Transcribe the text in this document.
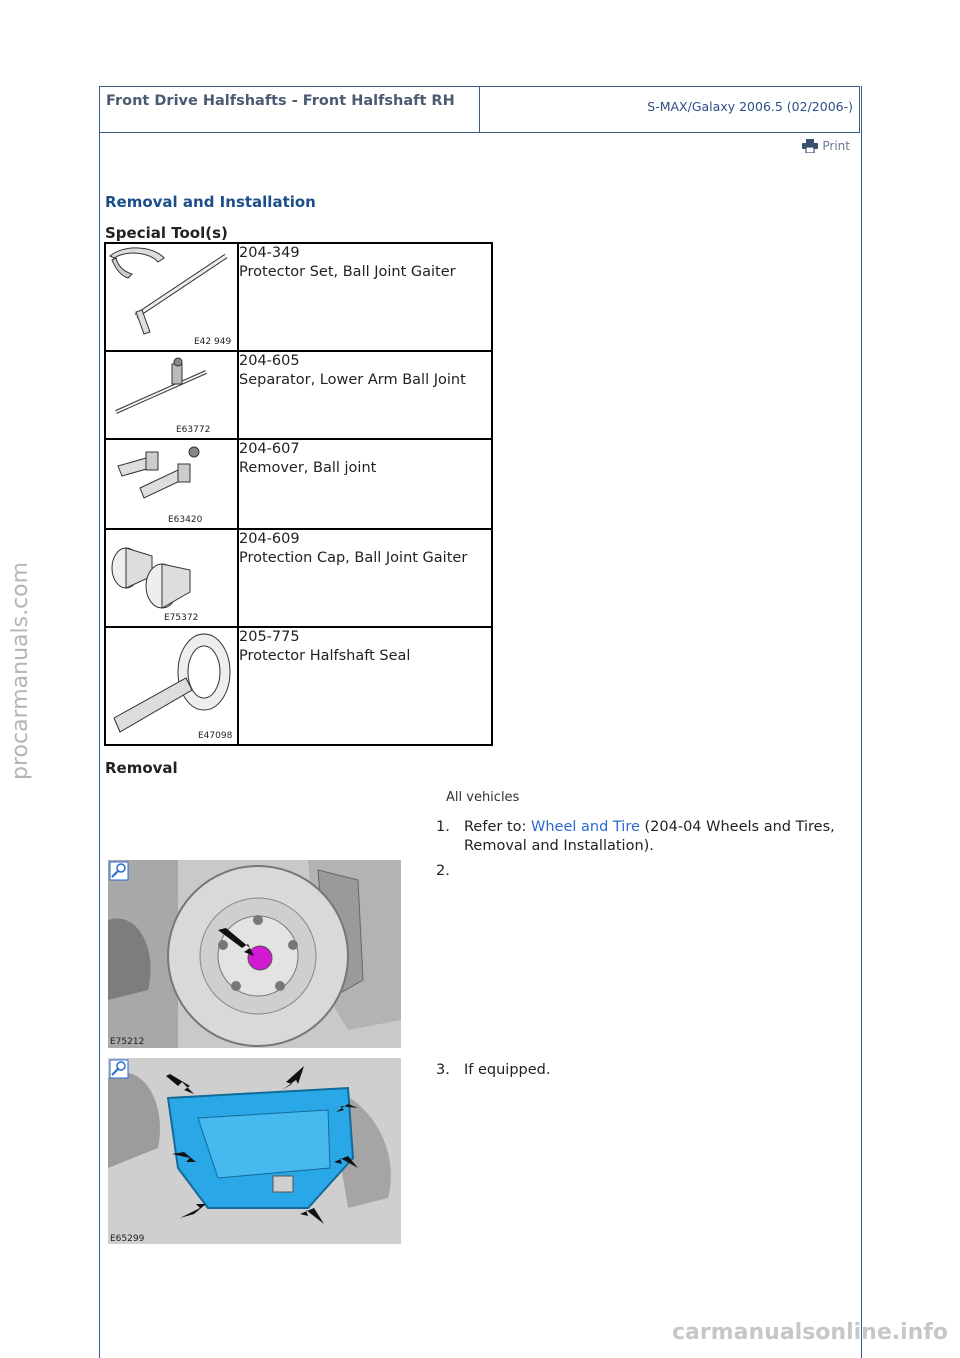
Front Drive Halfshafts - Front Halfshaft RH	S-MAX/Galaxy 2006.5 (02/2006-)
Print
Removal and Installation
Special Tool(s)
E42 949	204-349
Protector Set, Ball Joint Gaiter

E63772	204-605
Separator, Lower Arm Ball Joint

E63420	204-607
Remover, Ball joint

E75372	204-609
Protection Cap, Ball Joint Gaiter

E47098	205-775
Protector Halfshaft Seal
Removal
All vehicles
1. Refer to: Wheel and Tire (204-04 Wheels and Tires, Removal and Installation).
2.
3. If equipped.
E75212
E65299
procarmanuals.com
carmanualsonline.info
